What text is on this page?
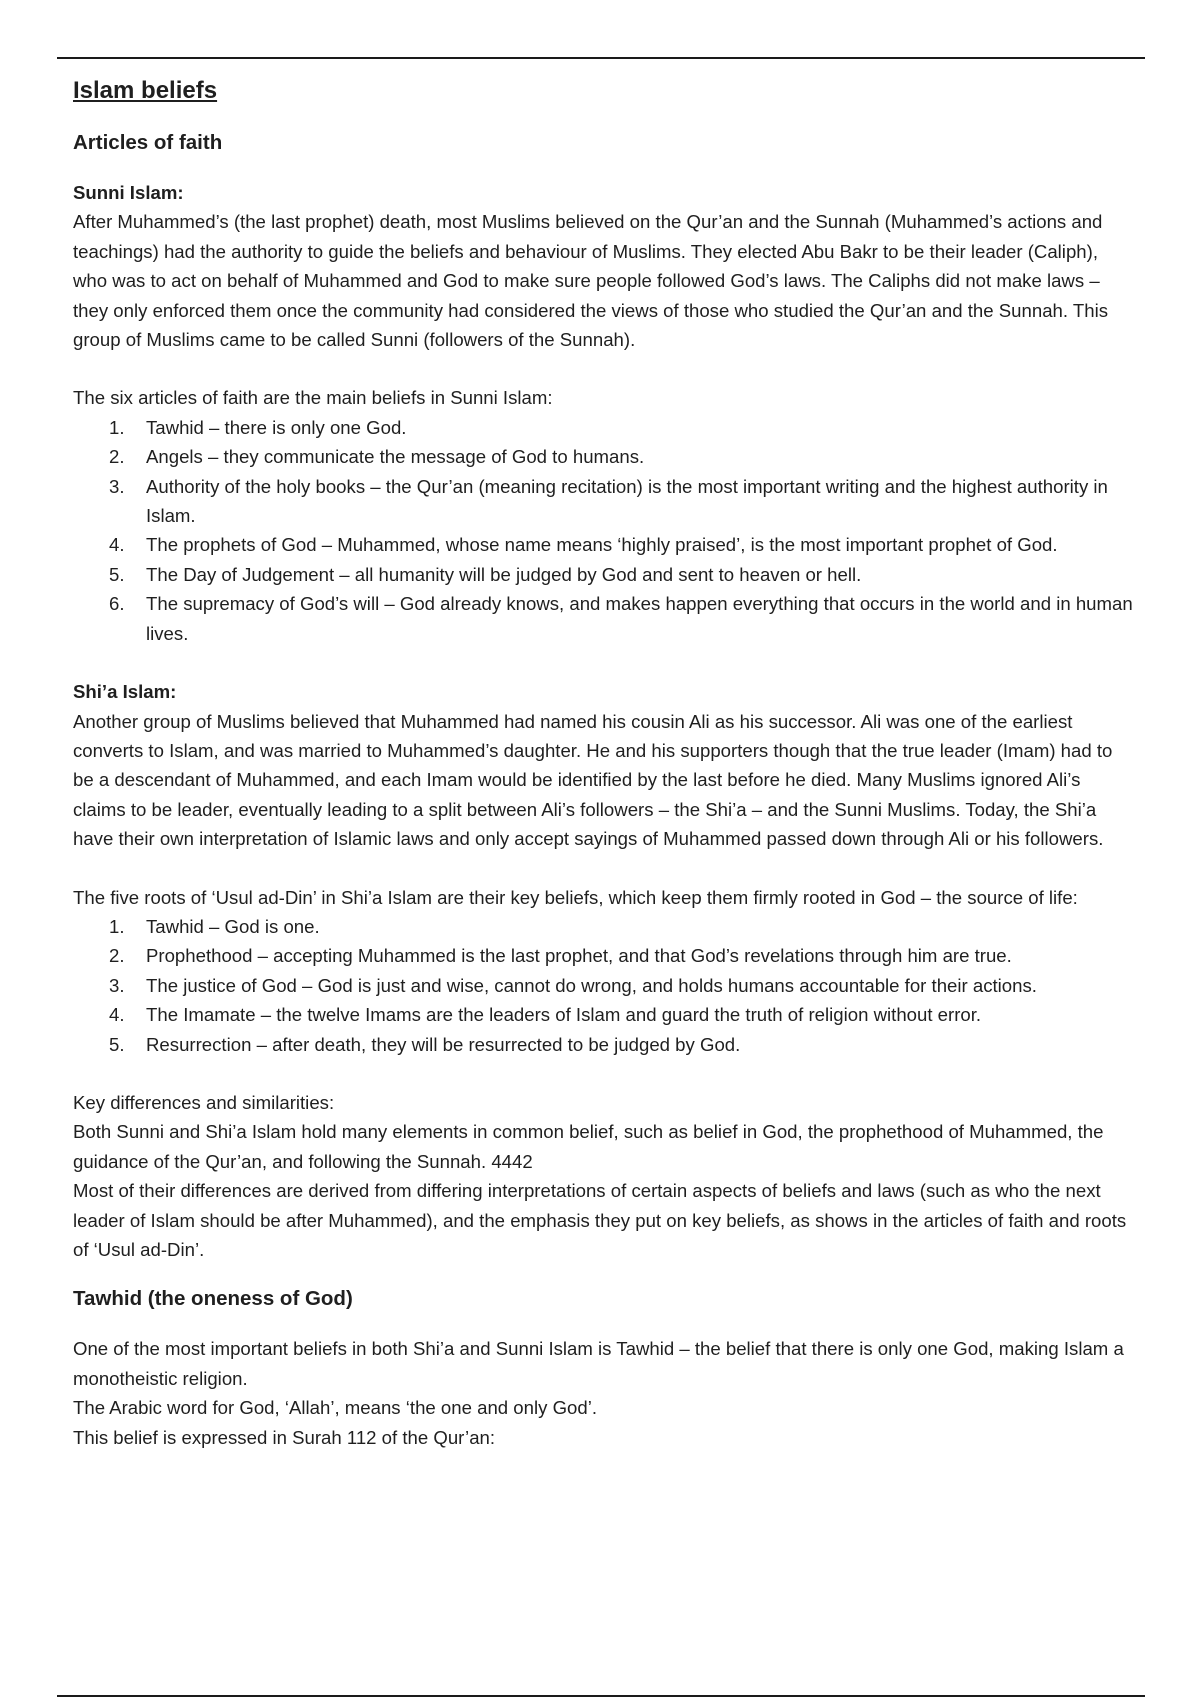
Islam beliefs
Articles of faith

Sunni Islam:

After Muhammed’s (the last prophet) death, most Muslims believed on the Qur’an and the Sunnah (Muhammed’s actions and teachings) had the authority to guide the beliefs and behaviour of Muslims. They elected Abu Bakr to be their leader (Caliph), who was to act on behalf of Muhammed and God to make sure people followed God’s laws. The Caliphs did not make laws – they only enforced them once the community had considered the views of those who studied the Qur’an and the Sunnah. This group of Muslims came to be called Sunni (followers of the Sunnah).

The six articles of faith are the main beliefs in Sunni Islam:

1. Tawhid – there is only one God.
2. Angels – they communicate the message of God to humans.
3. Authority of the holy books – the Qur’an (meaning recitation) is the most important writing and the highest authority in Islam.
4. The prophets of God – Muhammed, whose name means ‘highly praised’, is the most important prophet of God.
5. The Day of Judgement – all humanity will be judged by God and sent to heaven or hell.
6. The supremacy of God’s will – God already knows, and makes happen everything that occurs in the world and in human lives.

Shi’a Islam:

Another group of Muslims believed that Muhammed had named his cousin Ali as his successor. Ali was one of the earliest converts to Islam, and was married to Muhammed’s daughter. He and his supporters though that the true leader (Imam) had to be a descendant of Muhammed, and each Imam would be identified by the last before he died. Many Muslims ignored Ali’s claims to be leader, eventually leading to a split between Ali’s followers – the Shi’a – and the Sunni Muslims. Today, the Shi’a have their own interpretation of Islamic laws and only accept sayings of Muhammed passed down through Ali or his followers.

The five roots of ‘Usul ad-Din’ in Shi’a Islam are their key beliefs, which keep them firmly rooted in God – the source of life:

1. Tawhid – God is one.
2. Prophethood – accepting Muhammed is the last prophet, and that God’s revelations through him are true.
3. The justice of God – God is just and wise, cannot do wrong, and holds humans accountable for their actions.
4. The Imamate – the twelve Imams are the leaders of Islam and guard the truth of religion without error.
5. Resurrection – after death, they will be resurrected to be judged by God.

Key differences and similarities:

Both Sunni and Shi’a Islam hold many elements in common belief, such as belief in God, the prophethood of Muhammed, the guidance of the Qur’an, and following the Sunnah. 4442

Most of their differences are derived from differing interpretations of certain aspects of beliefs and laws (such as who the next leader of Islam should be after Muhammed), and the emphasis they put on key beliefs, as shows in the articles of faith and roots of ‘Usul ad-Din’.

Tawhid (the oneness of God)

One of the most important beliefs in both Shi’a and Sunni Islam is Tawhid – the belief that there is only one God, making Islam a monotheistic religion.

The Arabic word for God, ‘Allah’, means ‘the one and only God’.

This belief is expressed in Surah 112 of the Qur’an:
